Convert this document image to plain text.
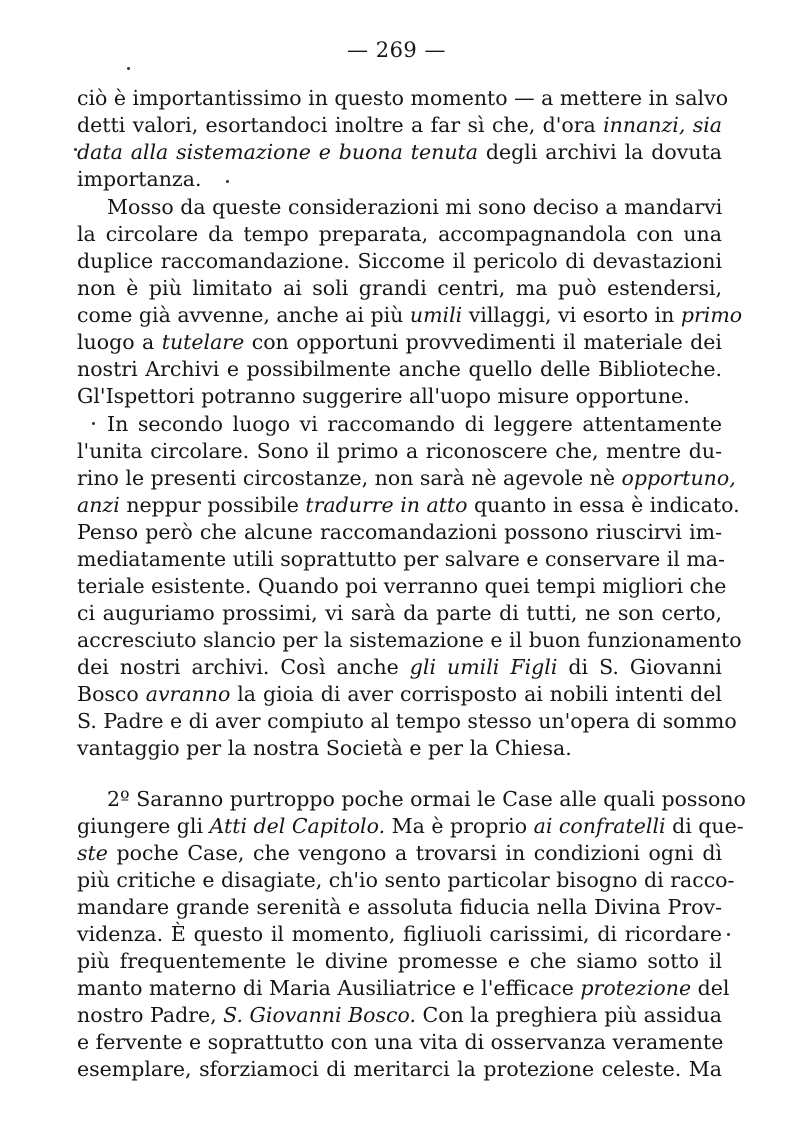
— 269 —
ciò è importantissimo in questo momento — a mettere in salvo
detti valori, esortandoci inoltre a far sì che, d'ora innanzi, sia
data alla sistemazione e buona tenuta degli archivi la dovuta
importanza.
Mosso da queste considerazioni mi sono deciso a mandarvi
la circolare da tempo preparata, accompagnandola con una
duplice raccomandazione. Siccome il pericolo di devastazioni
non è più limitato ai soli grandi centri, ma può estendersi,
come già avvenne, anche ai più umili villaggi, vi esorto in primo
luogo a tutelare con opportuni provvedimenti il materiale dei
nostri Archivi e possibilmente anche quello delle Biblioteche.
Gl'Ispettori potranno suggerire all'uopo misure opportune.
In secondo luogo vi raccomando di leggere attentamente
l'unita circolare. Sono il primo a riconoscere che, mentre du-
rino le presenti circostanze, non sarà nè agevole nè opportuno,
anzi neppur possibile tradurre in atto quanto in essa è indicato.
Penso però che alcune raccomandazioni possono riuscirvi im-
mediatamente utili soprattutto per salvare e conservare il ma-
teriale esistente. Quando poi verranno quei tempi migliori che
ci auguriamo prossimi, vi sarà da parte di tutti, ne son certo,
accresciuto slancio per la sistemazione e il buon funzionamento
dei nostri archivi. Così anche gli umili Figli di S. Giovanni
Bosco avranno la gioia di aver corrisposto ai nobili intenti del
S. Padre e di aver compiuto al tempo stesso un'opera di sommo
vantaggio per la nostra Società e per la Chiesa.
2º Saranno purtroppo poche ormai le Case alle quali possono
giungere gli Atti del Capitolo. Ma è proprio ai confratelli di que-
ste poche Case, che vengono a trovarsi in condizioni ogni dì
più critiche e disagiate, ch'io sento particolar bisogno di racco-
mandare grande serenità e assoluta fiducia nella Divina Prov-
videnza. È questo il momento, figliuoli carissimi, di ricordare
più frequentemente le divine promesse e che siamo sotto il
manto materno di Maria Ausiliatrice e l'efficace protezione del
nostro Padre, S. Giovanni Bosco. Con la preghiera più assidua
e fervente e soprattutto con una vita di osservanza veramente
esemplare, sforziamoci di meritarci la protezione celeste. Ma
